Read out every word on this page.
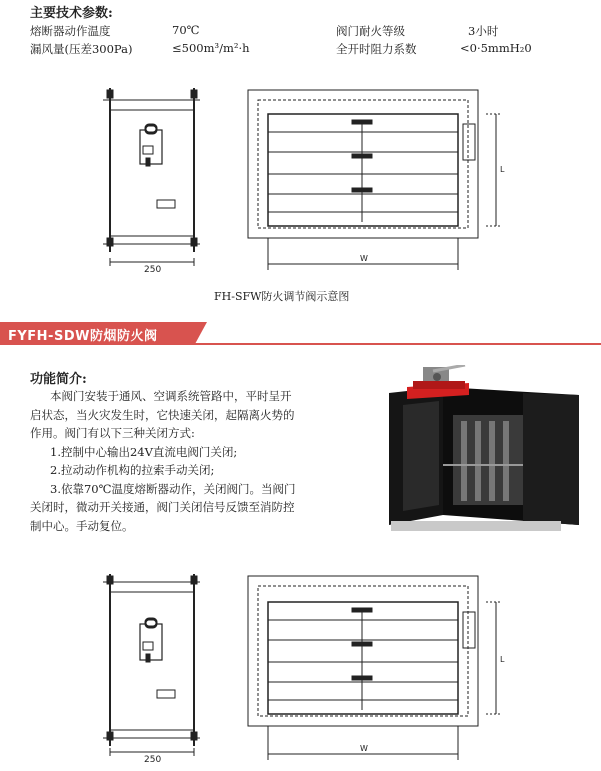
主要技术参数:
熔断器动作温度	70℃	阀门耐火等级	3小时
漏风量(压差300Pa)	≤500m³/m²·h	全开时阻力系数	<0·5mmH₂0
250
L
W
FH-SFW防火调节阀示意图
FYFH-SDW防烟防火阀
功能简介:
本阀门安装于通风、空调系统管路中，平时呈开
启状态，当火灾发生时，它快速关闭，起隔离火势的
作用。阀门有以下三种关闭方式:
1.控制中心输出24V直流电阀门关闭;
2.拉动动作机构的拉索手动关闭;
3.依靠70℃温度熔断器动作，关闭阀门。当阀门
关闭时，微动开关接通，阀门关闭信号反馈至消防控
制中心。手动复位。
250
L
W
